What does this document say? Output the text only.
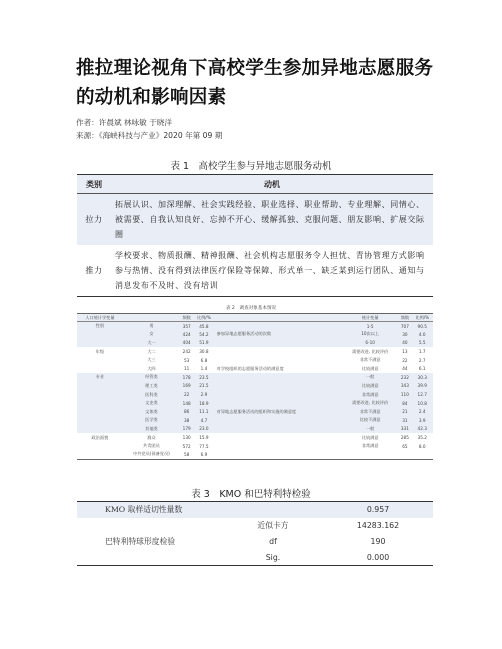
推拉理论视角下高校学生参加异地志愿服务的动机和影响因素
作者：许晨斌 林咏敏 于晓洋
来源：《海峡科技与产业》2020 年第 09 期
表 1　高校学生参与异地志愿服务动机
类别	动机
拉力	拓展认识、加深理解、社会实践经验、职业选择、职业帮助、专业理解、同情心、被需要、自我认知良好、忘掉不开心、缓解孤独、克服问题、朋友影响、扩展交际圈
推力	学校要求、物质报酬、精神报酬、社会机构志愿服务令人担忧、青协管理方式影响参与热情、没有得到法律医疗保险等保障、形式单一、缺乏某到运行团队、通知与消息发布不及时、没有培训
表 2　调查对象基本情况
人口统计学变量		频数	比例/%		统计变量	频数	比例/%
性别	男	357	45.8		1-5	707	90.5
	女	424	54.2	参加异地志愿服务活动的次数	10次以上	30	4.0
	大一	404	51.9		6-10	40	5.5
年级	大二	242	30.8		需要改进, 比较评价	13	1.7
	大三	53	6.8		非常不满意	22	2.7
	大四	11	1.4	对学校组织的志愿服务活动的满意度	比较满意	44	6.1
专业	经管类	178	23.5		一般	232	30.3
	理工类	169	21.5		比较满意	343	39.9
	医科类	22	2.9		非常满意	110	12.7
	文史类	148	18.9		需要改进, 比较评价	84	10.8
	文体类	86	11.1	对异地志愿服务活动的组织和实施的满意度	非常不满意	21	2.4
	医学类	38	4.7		比较不满意	31	3.9
	其他类	179	23.0		一般	331	42.3
政治面貌	群众	130	15.9		比较满意	285	35.2
	共青团员	572	77.5		非常满意	65	8.0
	中共党员(预备党员)	58	6.9				
表 3　KMO 和巴特利特检验
KMO 取样适切性量数		0.957
	近似卡方	14283.162
巴特利特球形度检验	df	190
	Sig.	0.000
